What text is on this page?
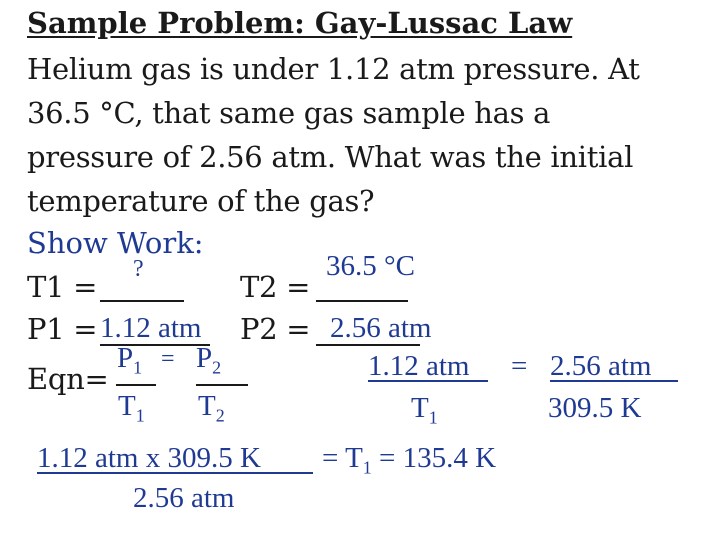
Sample Problem: Gay-Lussac Law
Helium gas is under 1.12 atm pressure. At
36.5 °C, that same gas sample has a
pressure of 2.56 atm. What was the initial
temperature of the gas?
Show Work:
T1 =
?
T2 =
36.5 °C
P1 = 1.12 atm P2 = 2.56 atm
Eqn=
$P_1 = P_2$
$T_1$ $T_2$
1.12 atm = 2.56 atm
$T_1$	309.5 K
1.12 atm x 309.5 $K = T_1 = 135.4$ K
2.56 atm
